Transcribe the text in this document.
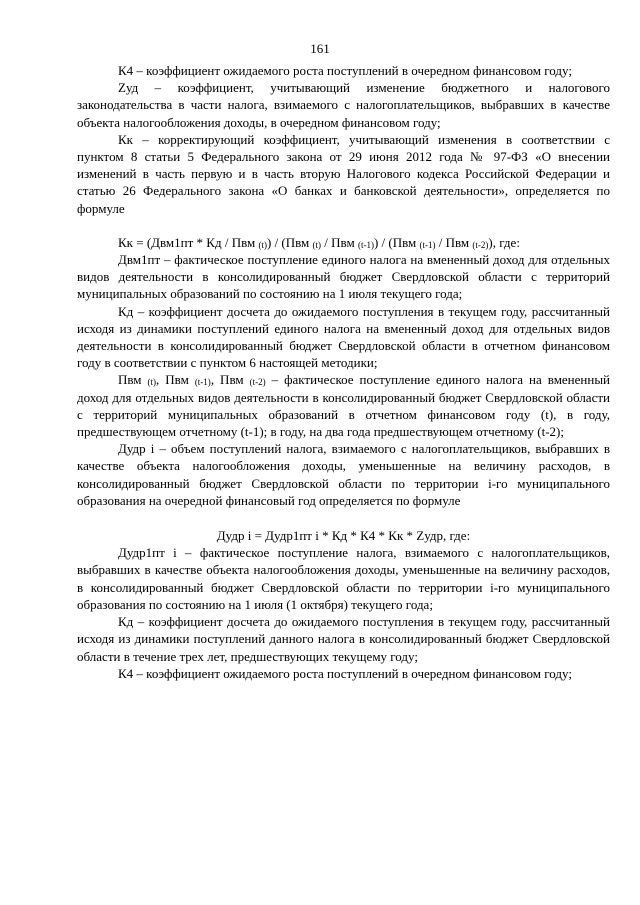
161

К4 – коэффициент ожидаемого роста поступлений в очередном финансовом году;

Zуд – коэффициент, учитывающий изменение бюджетного и налогового законодательства в части налога, взимаемого с налогоплательщиков, выбравших в качестве объекта налогообложения доходы, в очередном финансовом году;

Кк – корректирующий коэффициент, учитывающий изменения в соответствии с пунктом 8 статьи 5 Федерального закона от 29 июня 2012 года № 97-ФЗ «О внесении изменений в часть первую и в часть вторую Налогового кодекса Российской Федерации и статью 26 Федерального закона «О банках и банковской деятельности», определяется по формуле

Кк = (Двм1пт * Кд / Пвм $_{(t)}$) / (Пвм $_{(t)}$ / Пвм $_{(t-1)}$) / (Пвм $_{(t-1)}$ / Пвм $_{(t-2)}$), где:

Двм1пт – фактическое поступление единого налога на вмененный доход для отдельных видов деятельности в консолидированный бюджет Свердловской области с территорий муниципальных образований по состоянию на 1 июля текущего года;

Кд – коэффициент досчета до ожидаемого поступления в текущем году, рассчитанный исходя из динамики поступлений единого налога на вмененный доход для отдельных видов деятельности в консолидированный бюджет Свердловской области в отчетном финансовом году в соответствии с пунктом 6 настоящей методики;

Пвм $_{(t)}$, Пвм $_{(t-1)}$, Пвм $_{(t-2)}$ – фактическое поступление единого налога на вмененный доход для отдельных видов деятельности в консолидированный бюджет Свердловской области с территорий муниципальных образований в отчетном финансовом году (t), в году, предшествующем отчетному (t-1); в году, на два года предшествующем отчетному (t-2);

Дудр i – объем поступлений налога, взимаемого с налогоплательщиков, выбравших в качестве объекта налогообложения доходы, уменьшенные на величину расходов, в консолидированный бюджет Свердловской области по территории i-го муниципального образования на очередной финансовый год определяется по формуле

Дудр i = Дудр1пт i * Кд * К4 * Кк * Zудр, где:

Дудр1пт i – фактическое поступление налога, взимаемого с налогоплательщиков, выбравших в качестве объекта налогообложения доходы, уменьшенные на величину расходов, в консолидированный бюджет Свердловской области по территории i-го муниципального образования по состоянию на 1 июля (1 октября) текущего года;

Кд – коэффициент досчета до ожидаемого поступления в текущем году, рассчитанный исходя из динамики поступлений данного налога в консолидированный бюджет Свердловской области в течение трех лет, предшествующих текущему году;

К4 – коэффициент ожидаемого роста поступлений в очередном финансовом году;
